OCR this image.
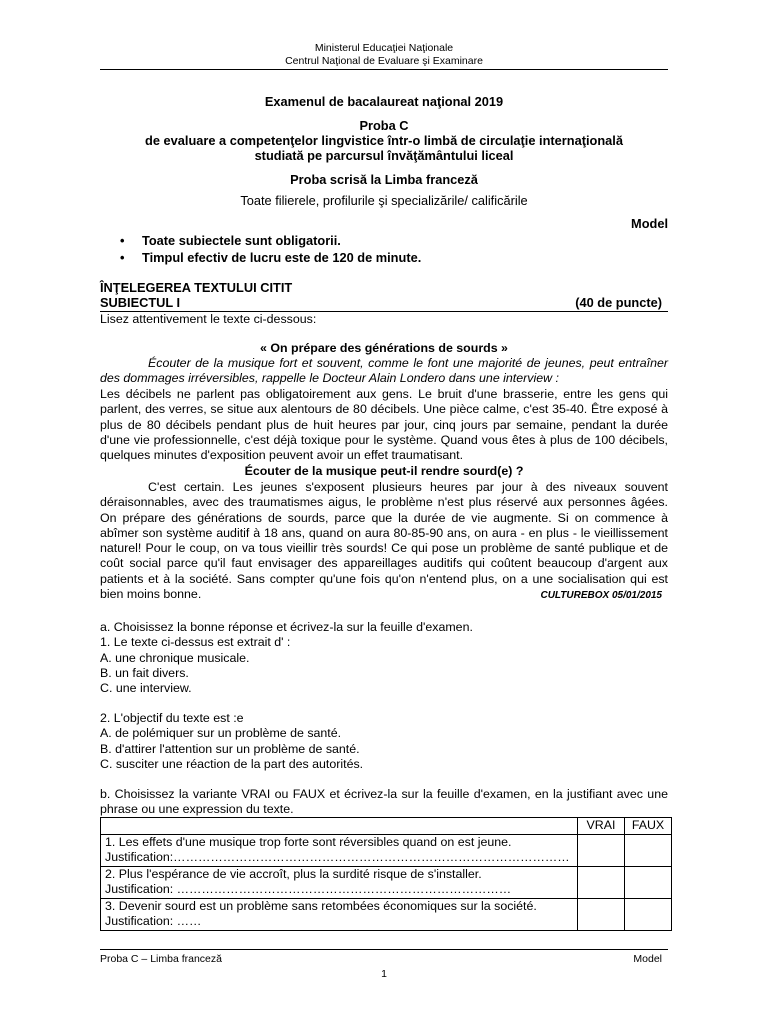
Ministerul Educaţiei Naţionale
Centrul Naţional de Evaluare şi Examinare
Examenul de bacalaureat naţional 2019
Proba C
de evaluare a competenţelor lingvistice într-o limbă de circulaţie internaţională
studiată pe parcursul învăţământului liceal
Proba scrisă la Limba franceză
Toate filierele, profilurile şi specializările/ calificările
Model
• Toate subiectele sunt obligatorii.
• Timpul efectiv de lucru este de 120 de minute.
ÎNŢELEGEREA TEXTULUI CITIT
SUBIECTUL I	(40 de puncte)
Lisez attentivement le texte ci-dessous:
« On prépare des générations de sourds »
Écouter de la musique fort et souvent, comme le font une majorité de jeunes, peut entraîner des dommages irréversibles, rappelle le Docteur Alain Londero dans une interview :
Les décibels ne parlent pas obligatoirement aux gens. Le bruit d'une brasserie, entre les gens qui parlent, des verres, se situe aux alentours de 80 décibels. Une pièce calme, c'est 35-40. Être exposé à plus de 80 décibels pendant plus de huit heures par jour, cinq jours par semaine, pendant la durée d'une vie professionnelle, c'est déjà toxique pour le système. Quand vous êtes à plus de 100 décibels, quelques minutes d'exposition peuvent avoir un effet traumatisant.
Écouter de la musique peut-il rendre sourd(e) ?
C'est certain. Les jeunes s'exposent plusieurs heures par jour à des niveaux souvent déraisonnables, avec des traumatismes aigus, le problème n'est plus réservé aux personnes âgées. On prépare des générations de sourds, parce que la durée de vie augmente. Si on commence à abîmer son système auditif à 18 ans, quand on aura 80-85-90 ans, on aura - en plus - le vieillissement naturel! Pour le coup, on va tous vieillir très sourds! Ce qui pose un problème de santé publique et de coût social parce qu'il faut envisager des appareillages auditifs qui coûtent beaucoup d'argent aux patients et à la société. Sans compter qu'une fois qu'on n'entend plus, on a une socialisation qui est bien moins bonne.	CULTUREBOX 05/01/2015
a. Choisissez la bonne réponse et écrivez-la sur la feuille d'examen.
1. Le texte ci-dessus est extrait d' :
A. une chronique musicale.
B. un fait divers.
C. une interview.
2. L'objectif du texte est :e
A. de polémiquer sur un problème de santé.
B. d'attirer l'attention sur un problème de santé.
C. susciter une réaction de la part des autorités.
b. Choisissez la variante VRAI ou FAUX et écrivez-la sur la feuille d'examen, en la justifiant avec une phrase ou une expression du texte.
	VRAI	FAUX

1. Les effets d'une musique trop forte sont réversibles quand on est jeune.
Justification:……………………………………………………………………………………		

2. Plus l'espérance de vie accroît, plus la surdité risque de s'installer.
Justification: ………………………………………………………………………		

3. Devenir sourd est un problème sans retombées économiques sur la société.
Justification: ……		

Proba C – Limba franceză	Model
1
